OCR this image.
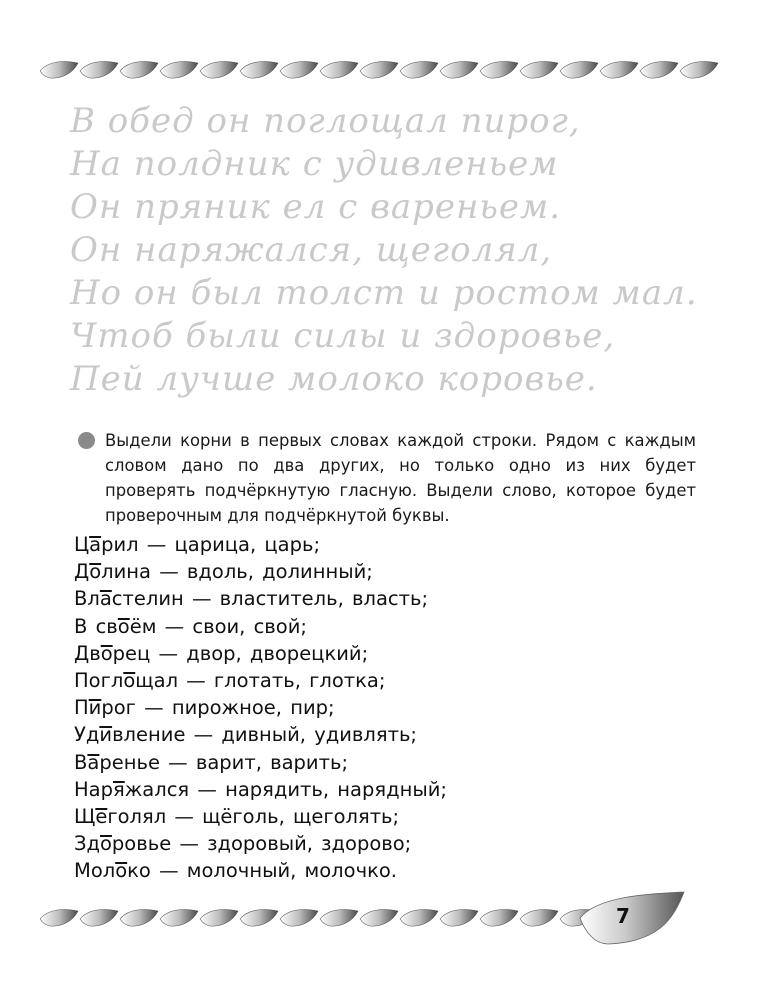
В обед он поглощал пирог,
На полдник с удивленьем
Он пряник ел с вареньем.
Он наряжался, щеголял,
Но он был толст и ростом мал.
Чтоб были силы и здоровье,
Пей лучше молоко коровье.
Выдели корни в первых словах каждой строки. Рядом с каждым словом дано по два других, но только одно из них будет проверять подчёркнутую гласную. Выдели слово, которое будет проверочным для подчёркнутой буквы.
Царил — царица, царь;
Долина — вдоль, долинный;
Властелин — властитель, власть;
В своём — свои, свой;
Дворец — двор, дворецкий;
Поглощал — глотать, глотка;
Пирог — пирожное, пир;
Удивление — дивный, удивлять;
Варенье — варит, варить;
Наряжался — нарядить, нарядный;
Щеголял — щёголь, щеголять;
Здоровье — здоровый, здорово;
Молоко — молочный, молочко.
7
